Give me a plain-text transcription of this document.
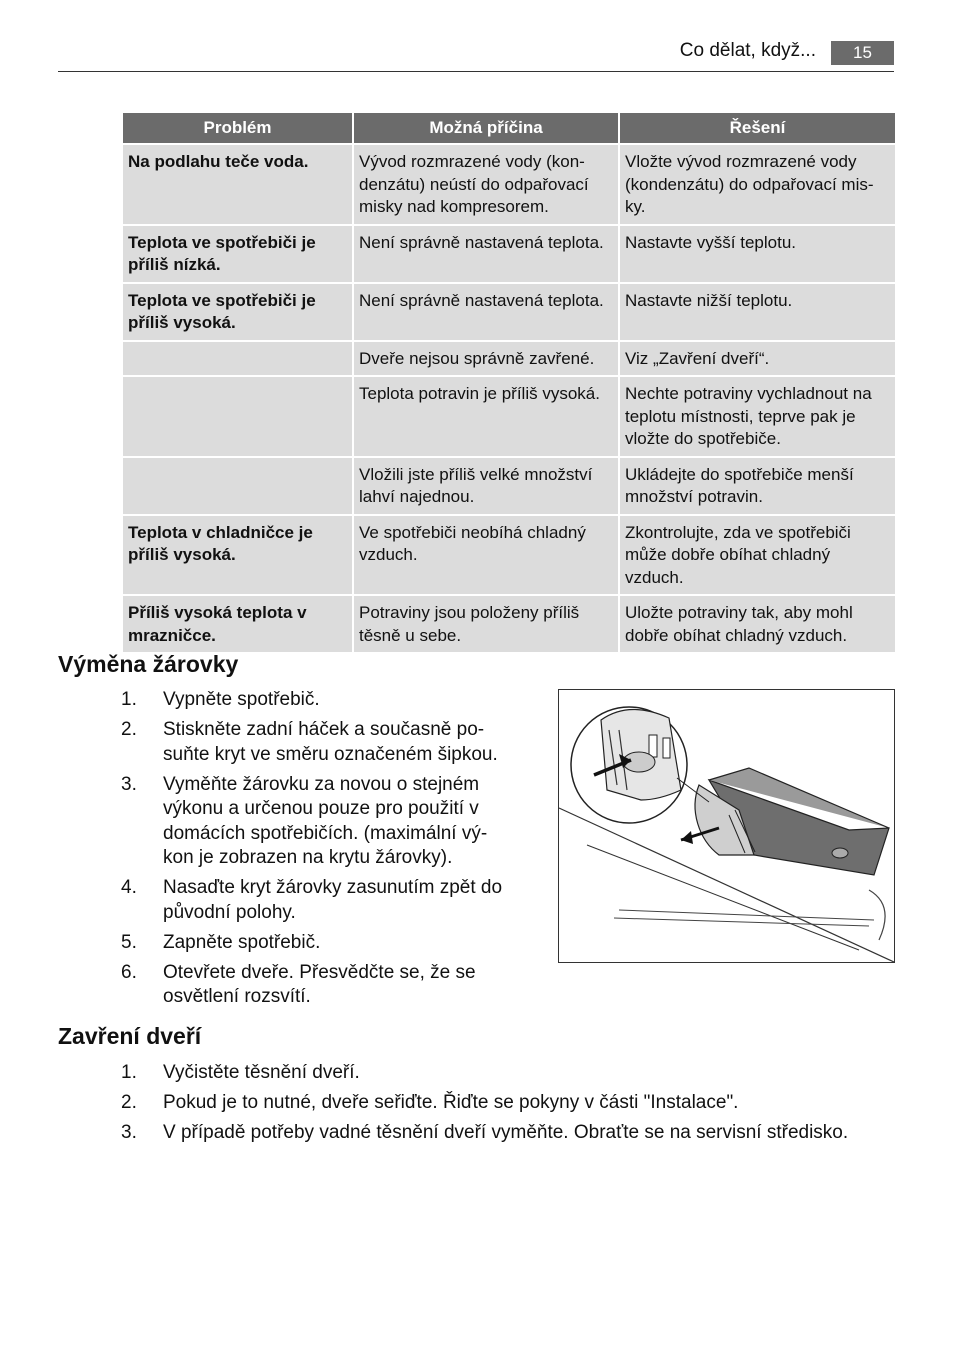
Co dělat, když...	15
Problém	Možná příčina	Řešení
Na podlahu teče voda.	Vývod rozmrazené vody (kon- denzátu) neústí do odpařovací misky nad kompresorem.	Vložte vývod rozmrazené vody (kondenzátu) do odpařovací mis- ky.
Teplota ve spotřebiči je příliš nízká.	Není správně nastavená teplota.	Nastavte vyšší teplotu.
Teplota ve spotřebiči je příliš vysoká.	Není správně nastavená teplota.	Nastavte nižší teplotu.
	Dveře nejsou správně zavřené.	Viz „Zavření dveří“.
	Teplota potravin je příliš vysoká.	Nechte potraviny vychladnout na teplotu místnosti, teprve pak je vložte do spotřebiče.
	Vložili jste příliš velké množství lahví najednou.	Ukládejte do spotřebiče menší množství potravin.
Teplota v chladničce je příliš vysoká.	Ve spotřebiči neobíhá chladný vzduch.	Zkontrolujte, zda ve spotřebiči může dobře obíhat chladný vzduch.
Příliš vysoká teplota v mrazničce.	Potraviny jsou položeny příliš těsně u sebe.	Uložte potraviny tak, aby mohl dobře obíhat chladný vzduch.
Výměna žárovky
1. Vypněte spotřebič.
2. Stiskněte zadní háček a současně po- suňte kryt ve směru označeném šipkou.
3. Vyměňte žárovku za novou o stejném výkonu a určenou pouze pro použití v domácích spotřebičích. (maximální vý- kon je zobrazen na krytu žárovky).
4. Nasaďte kryt žárovky zasunutím zpět do původní polohy.
5. Zapněte spotřebič.
6. Otevřete dveře. Přesvědčte se, že se osvětlení rozsvítí.
Zavření dveří
1. Vyčistěte těsnění dveří.
2. Pokud je to nutné, dveře seřiďte. Řiďte se pokyny v části "Instalace".
3. V případě potřeby vadné těsnění dveří vyměňte. Obraťte se na servisní středisko.
